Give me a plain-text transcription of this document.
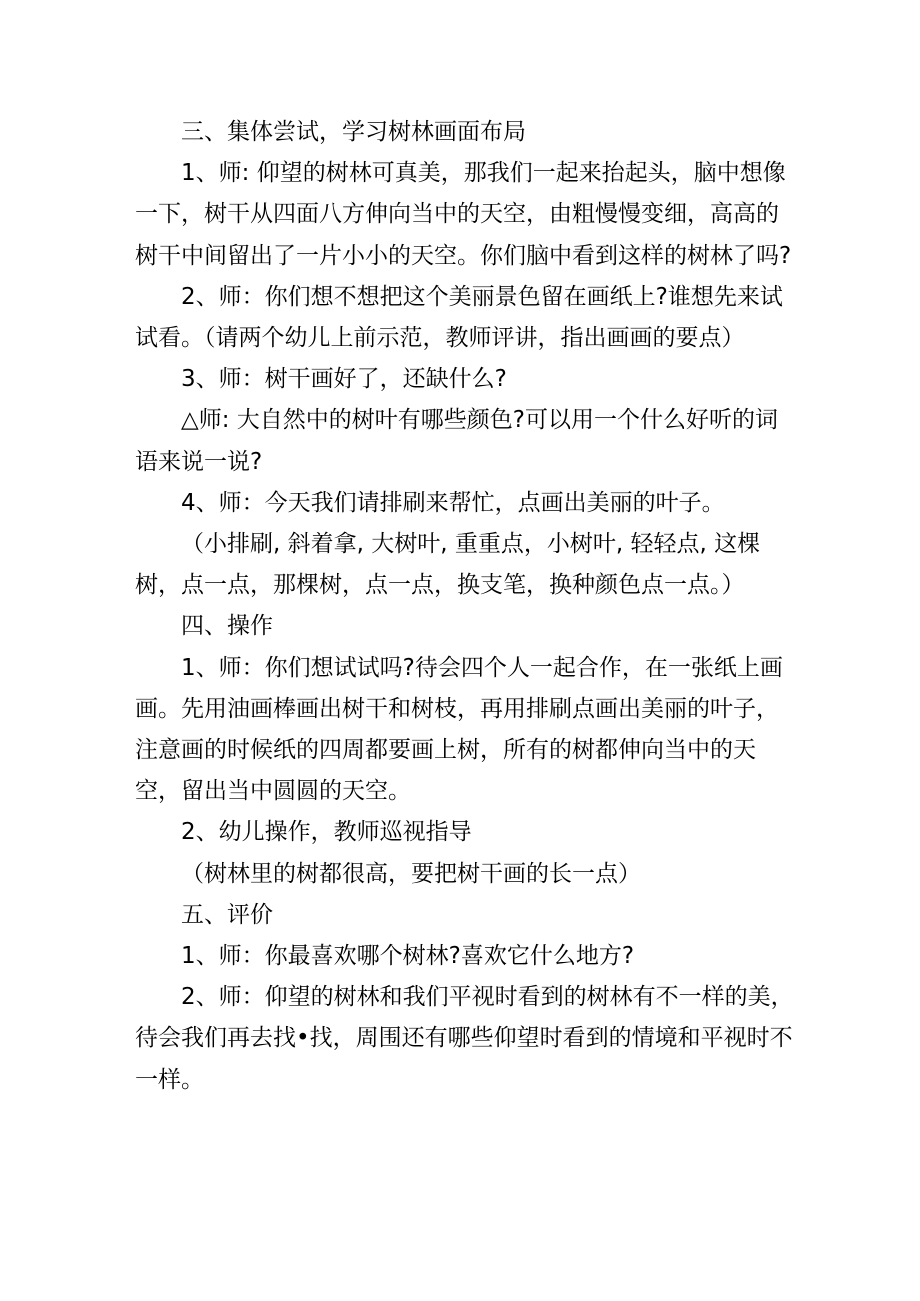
三、集体尝试，学习树林画面布局

1、师: 仰望的树林可真美，那我们一起来抬起头，脑中想像一下，树干从四面八方伸向当中的天空，由粗慢慢变细，高高的树干中间留出了一片小小的天空。你们脑中看到这样的树林了吗?

2、师：你们想不想把这个美丽景色留在画纸上?谁想先来试试看。（请两个幼儿上前示范，教师评讲，指出画画的要点）

3、师：树干画好了，还缺什么?

△师: 大自然中的树叶有哪些颜色?可以用一个什么好听的词语来说一说?

4、师：今天我们请排刷来帮忙，点画出美丽的叶子。

（小排刷, 斜着拿, 大树叶, 重重点，小树叶, 轻轻点, 这棵树，点一点，那棵树，点一点，换支笔，换种颜色点一点。）

四、操作

1、师：你们想试试吗?待会四个人一起合作，在一张纸上画画。先用油画棒画出树干和树枝，再用排刷点画出美丽的叶子，注意画的时候纸的四周都要画上树，所有的树都伸向当中的天空，留出当中圆圆的天空。

2、幼儿操作，教师巡视指导

（树林里的树都很高，要把树干画的长一点）

五、评价

1、师：你最喜欢哪个树林?喜欢它什么地方?

2、师：仰望的树林和我们平视时看到的树林有不一样的美，待会我们再去找•找，周围还有哪些仰望时看到的情境和平视时不一样。
